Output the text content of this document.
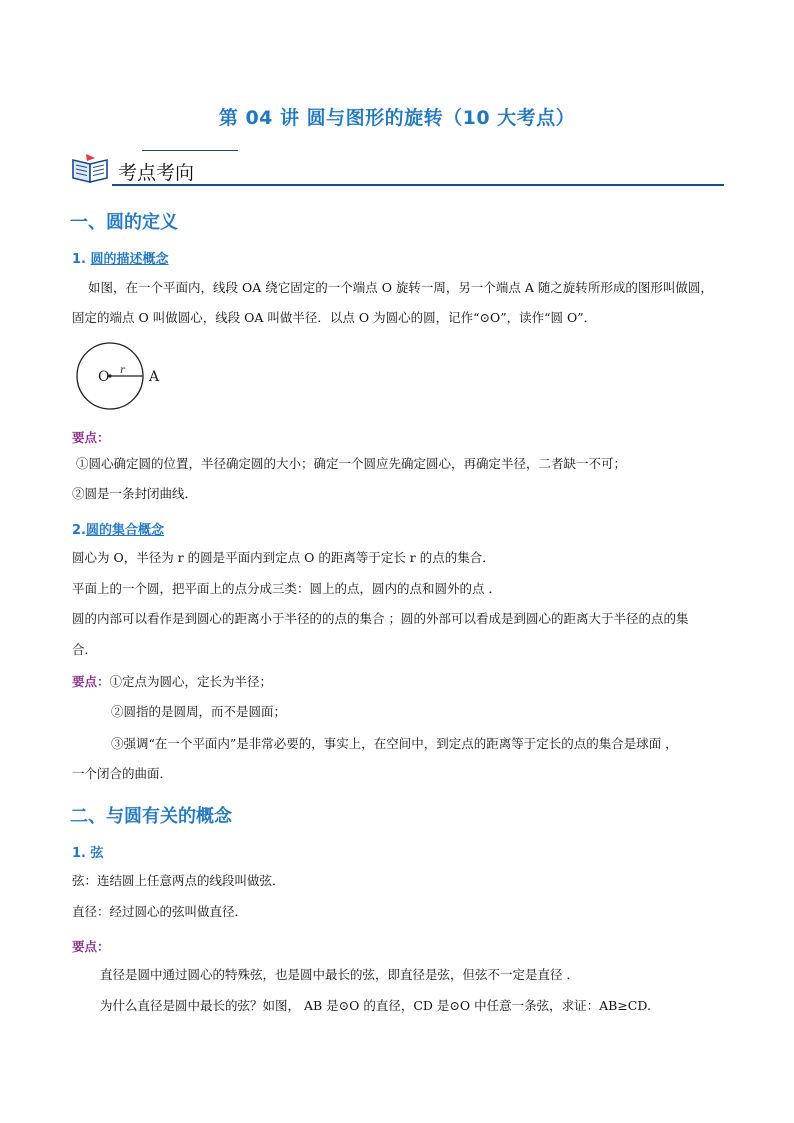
第 04 讲 圆与图形的旋转（10 大考点）
考点考向
一、圆的定义
1. 圆的描述概念
如图，在一个平面内，线段 OA 绕它固定的一个端点 O 旋转一周，另一个端点 A 随之旋转所形成的图形叫做圆，
固定的端点 O 叫做圆心，线段 OA 叫做半径．以点 O 为圆心的圆，记作“⊙O”，读作“圆 O”．
O	A
r
要点：
①圆心确定圆的位置，半径确定圆的大小；确定一个圆应先确定圆心，再确定半径，二者缺一不可；
②圆是一条封闭曲线．
2.圆的集合概念
圆心为 O，半径为 r 的圆是平面内到定点 O 的距离等于定长 r 的点的集合．
平面上的一个圆，把平面上的点分成三类：圆上的点，圆内的点和圆外的点 ．
圆的内部可以看作是到圆心的距离小于半径的的点的集合 ；圆的外部可以看成是到圆心的距离大于半径的点的集
合．
要点：①定点为圆心，定长为半径；
②圆指的是圆周，而不是圆面；
③强调“在一个平面内”是非常必要的，事实上，在空间中，到定点的距离等于定长的点的集合是球面 ，
一个闭合的曲面．
二、与圆有关的概念
1. 弦
弦：连结圆上任意两点的线段叫做弦．
直径：经过圆心的弦叫做直径．
要点：
直径是圆中通过圆心的特殊弦，也是圆中最长的弦，即直径是弦，但弦不一定是直径 ．
为什么直径是圆中最长的弦？如图， AB 是⊙O 的直径，CD 是⊙O 中任意一条弦，求证：AB≥CD.
